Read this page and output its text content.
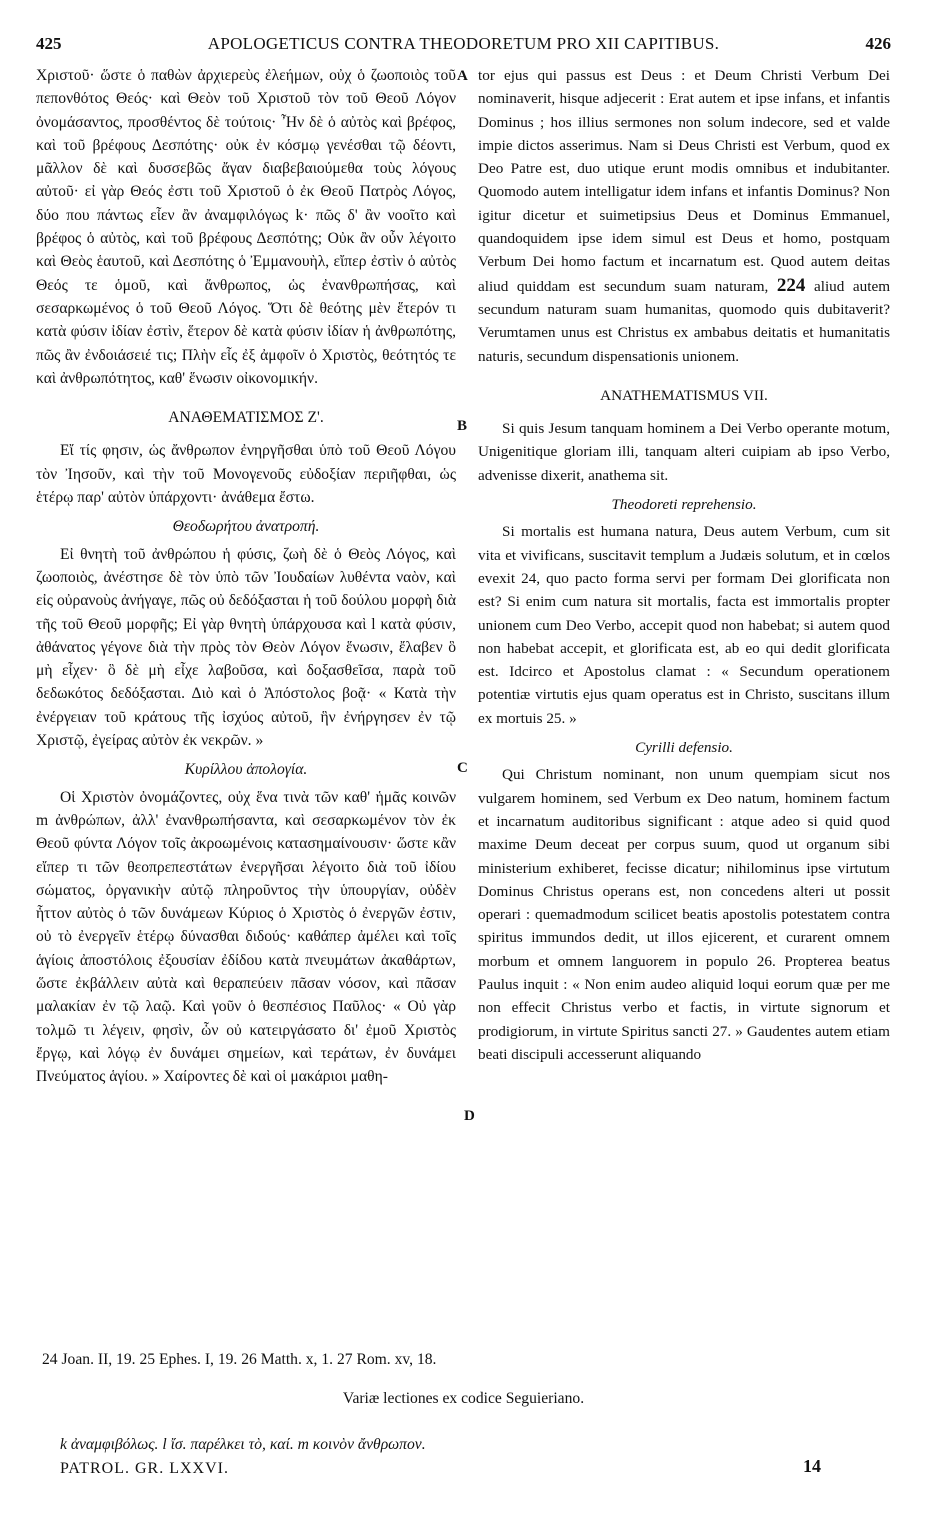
425	APOLOGETICUS CONTRA THEODORETUM PRO XII CAPITIBUS.	426
A
B
C
D

Χριστοῦ· ὥστε ὁ παθὼν ἀρχιερεὺς ἐλεήμων, οὐχ ὁ ζωοποιὸς τοῦ πεπονθότος Θεός· καὶ Θεὸν τοῦ Χριστοῦ τὸν τοῦ Θεοῦ Λόγον ὀνομάσαντος, προσθέντος δὲ τούτοις· Ἦν δὲ ὁ αὐτὸς καὶ βρέφος, καὶ τοῦ βρέφους Δεσπότης· οὐκ ἐν κόσμῳ γενέσθαι τῷ δέοντι, μᾶλλον δὲ καὶ δυσσεβῶς ἄγαν διαβεβαιούμεθα τοὺς λόγους αὐτοῦ· εἰ γὰρ Θεός ἐστι τοῦ Χριστοῦ ὁ ἐκ Θεοῦ Πατρὸς Λόγος, δύο που πάντως εἶεν ἂν ἀναμφιλόγως k· πῶς δ' ἂν νοοῖτο καὶ βρέφος ὁ αὐτὸς, καὶ τοῦ βρέφους Δεσπότης; Οὐκ ἂν οὖν λέγοιτο καὶ Θεὸς ἑαυτοῦ, καὶ Δεσπότης ὁ Ἐμμανουὴλ, εἴπερ ἐστὶν ὁ αὐτὸς Θεός τε ὁμοῦ, καὶ ἄνθρωπος, ὡς ἐνανθρωπήσας, καὶ σεσαρκωμένος ὁ τοῦ Θεοῦ Λόγος. Ὅτι δὲ θεότης μὲν ἕτερόν τι κατὰ φύσιν ἰδίαν ἐστὶν, ἕτερον δὲ κατὰ φύσιν ἰδίαν ἡ ἀνθρωπότης, πῶς ἂν ἐνδοιάσειέ τις; Πλὴν εἷς ἐξ ἀμφοῖν ὁ Χριστὸς, θεότητός τε καὶ ἀνθρωπότητος, καθ' ἕνωσιν οἰκονομικήν.

ΑΝΑΘΕΜΑΤΙΣΜΟΣ Ζ'.

Εἴ τίς φησιν, ὡς ἄνθρωπον ἐνηργῆσθαι ὑπὸ τοῦ Θεοῦ Λόγου τὸν Ἰησοῦν, καὶ τὴν τοῦ Μονογενοῦς εὐδοξίαν περιῆφθαι, ὡς ἑτέρῳ παρ' αὐτὸν ὑπάρχοντι· ἀνάθεμα ἔστω.

Θεοδωρήτου ἀνατροπή.

Εἰ θνητὴ τοῦ ἀνθρώπου ἡ φύσις, ζωὴ δὲ ὁ Θεὸς Λόγος, καὶ ζωοποιὸς, ἀνέστησε δὲ τὸν ὑπὸ τῶν Ἰουδαίων λυθέντα ναὸν, καὶ εἰς οὐρανοὺς ἀνήγαγε, πῶς οὐ δεδόξασται ἡ τοῦ δούλου μορφὴ διὰ τῆς τοῦ Θεοῦ μορφῆς; Εἰ γὰρ θνητὴ ὑπάρχουσα καὶ l κατὰ φύσιν, ἀθάνατος γέγονε διὰ τὴν πρὸς τὸν Θεὸν Λόγον ἕνωσιν, ἔλαβεν ὃ μὴ εἶχεν· ὃ δὲ μὴ εἶχε λαβοῦσα, καὶ δοξασθεῖσα, παρὰ τοῦ δεδωκότος δεδόξασται. Διὸ καὶ ὁ Ἀπόστολος βοᾷ· « Κατὰ τὴν ἐνέργειαν τοῦ κράτους τῆς ἰσχύος αὐτοῦ, ἣν ἐνήργησεν ἐν τῷ Χριστῷ, ἐγείρας αὐτὸν ἐκ νεκρῶν. »

Κυρίλλου ἀπολογία.

Οἱ Χριστὸν ὀνομάζοντες, οὐχ ἕνα τινὰ τῶν καθ' ἡμᾶς κοινῶν m ἀνθρώπων, ἀλλ' ἐνανθρωπήσαντα, καὶ σεσαρκωμένον τὸν ἐκ Θεοῦ φύντα Λόγον τοῖς ἀκροωμένοις κατασημαίνουσιν· ὥστε κἂν εἴπερ τι τῶν θεοπρεπεστάτων ἐνεργῆσαι λέγοιτο διὰ τοῦ ἰδίου σώματος, ὀργανικὴν αὐτῷ πληροῦντος τὴν ὑπουργίαν, οὐδὲν ἧττον αὐτὸς ὁ τῶν δυνάμεων Κύριος ὁ Χριστὸς ὁ ἐνεργῶν ἐστιν, οὐ τὸ ἐνεργεῖν ἑτέρῳ δύνασθαι διδούς· καθάπερ ἀμέλει καὶ τοῖς ἁγίοις ἀποστόλοις ἐξουσίαν ἐδίδου κατὰ πνευμάτων ἀκαθάρτων, ὥστε ἐκβάλλειν αὐτὰ καὶ θεραπεύειν πᾶσαν νόσον, καὶ πᾶσαν μαλακίαν ἐν τῷ λαῷ. Καὶ γοῦν ὁ θεσπέσιος Παῦλος· « Οὐ γὰρ τολμῶ τι λέγειν, φησὶν, ὧν οὐ κατειργάσατο δι' ἐμοῦ Χριστὸς ἔργῳ, καὶ λόγῳ ἐν δυνάμει σημείων, καὶ τεράτων, ἐν δυνάμει Πνεύματος ἁγίου. » Χαίροντες δὲ καὶ οἱ μακάριοι μαθη-

tor ejus qui passus est Deus : et Deum Christi Verbum Dei nominaverit, hisque adjecerit : Erat autem et ipse infans, et infantis Dominus ; hos illius sermones non solum indecore, sed et valde impie dictos asserimus. Nam si Deus Christi est Verbum, quod ex Deo Patre est, duo utique erunt modis omnibus et indubitanter. Quomodo autem intelligatur idem infans et infantis Dominus? Non igitur dicetur et suimetipsius Deus et Dominus Emmanuel, quandoquidem ipse idem simul est Deus et homo, postquam Verbum Dei homo factum et incarnatum est. Quod autem deitas aliud quiddam est secundum suam naturam, 224 aliud autem secundum naturam suam humanitas, quomodo quis dubitaverit? Verumtamen unus est Christus ex ambabus deitatis et humanitatis naturis, secundum dispensationis unionem.

ANATHEMATISMUS VII.

Si quis Jesum tanquam hominem a Dei Verbo operante motum, Unigenitique gloriam illi, tanquam alteri cuipiam ab ipso Verbo, advenisse dixerit, anathema sit.

Theodoreti reprehensio.

Si mortalis est humana natura, Deus autem Verbum, cum sit vita et vivificans, suscitavit templum a Judæis solutum, et in cœlos evexit 24, quo pacto forma servi per formam Dei glorificata non est? Si enim cum natura sit mortalis, facta est immortalis propter unionem cum Deo Verbo, accepit quod non habebat; si autem quod non habebat accepit, et glorificata est, ab eo qui dedit glorificata est. Idcirco et Apostolus clamat : « Secundum operationem potentiæ virtutis ejus quam operatus est in Christo, suscitans illum ex mortuis 25. »

Cyrilli defensio.

Qui Christum nominant, non unum quempiam sicut nos vulgarem hominem, sed Verbum ex Deo natum, hominem factum et incarnatum auditoribus significant : atque adeo si quid quod maxime Deum deceat per corpus suum, quod ut organum sibi ministerium exhiberet, fecisse dicatur; nihilominus ipse virtutum Dominus Christus operans est, non concedens alteri ut possit operari : quemadmodum scilicet beatis apostolis potestatem contra spiritus immundos dedit, ut illos ejicerent, et curarent omnem morbum et omnem languorem in populo 26. Propterea beatus Paulus inquit : « Non enim audeo aliquid loqui eorum quæ per me non effecit Christus verbo et factis, in virtute signorum et prodigiorum, in virtute Spiritus sancti 27. » Gaudentes autem etiam beati discipuli accesserunt aliquando

24 Joan. II, 19. 25 Ephes. I, 19. 26 Matth. x, 1. 27 Rom. xv, 18.
Variæ lectiones ex codice Seguieriano.
k ἀναμφιβόλως. l ἴσ. παρέλκει τὸ, καί. m κοινὸν ἄνθρωπον.
PATROL. GR. LXXVI.	14
